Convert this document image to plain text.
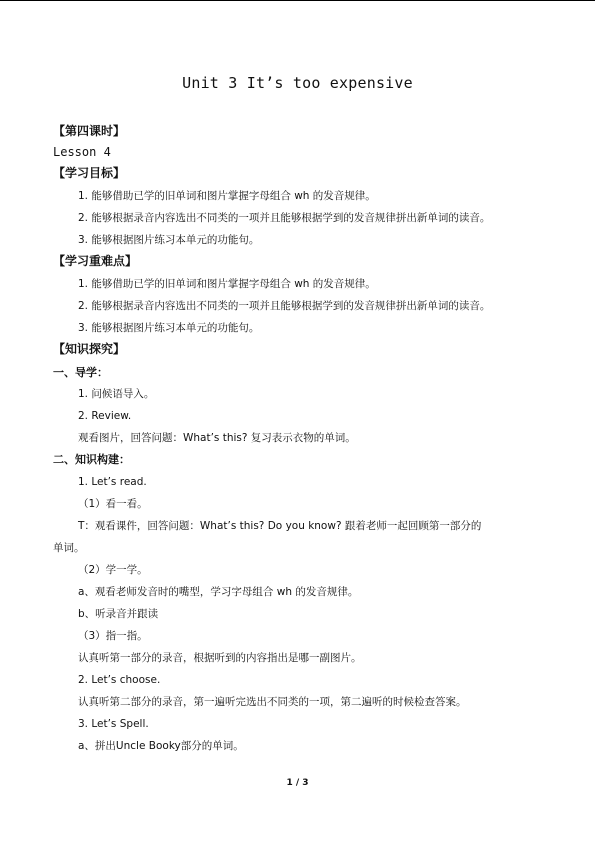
Unit 3 It’s too expensive
【第四课时】
Lesson 4
【学习目标】
1. 能够借助已学的旧单词和图片掌握字母组合 wh 的发音规律。
2. 能够根据录音内容选出不同类的一项并且能够根据学到的发音规律拼出新单词的读音。
3. 能够根据图片练习本单元的功能句。
【学习重难点】
1. 能够借助已学的旧单词和图片掌握字母组合 wh 的发音规律。
2. 能够根据录音内容选出不同类的一项并且能够根据学到的发音规律拼出新单词的读音。
3. 能够根据图片练习本单元的功能句。
【知识探究】
一、导学：
1. 问候语导入。
2. Review.
观看图片，回答问题：What’s this? 复习表示衣物的单词。
二、知识构建：
1. Let’s read.
（1）看一看。
T：观看课件，回答问题：What’s this? Do you know? 跟着老师一起回顾第一部分的
单词。
（2）学一学。
a、观看老师发音时的嘴型，学习字母组合 wh 的发音规律。
b、听录音并跟读
（3）指一指。
认真听第一部分的录音，根据听到的内容指出是哪一副图片。
2. Let’s choose.
认真听第二部分的录音，第一遍听完选出不同类的一项，第二遍听的时候检查答案。
3. Let’s Spell.
a、拼出Uncle Booky部分的单词。
1 / 3
